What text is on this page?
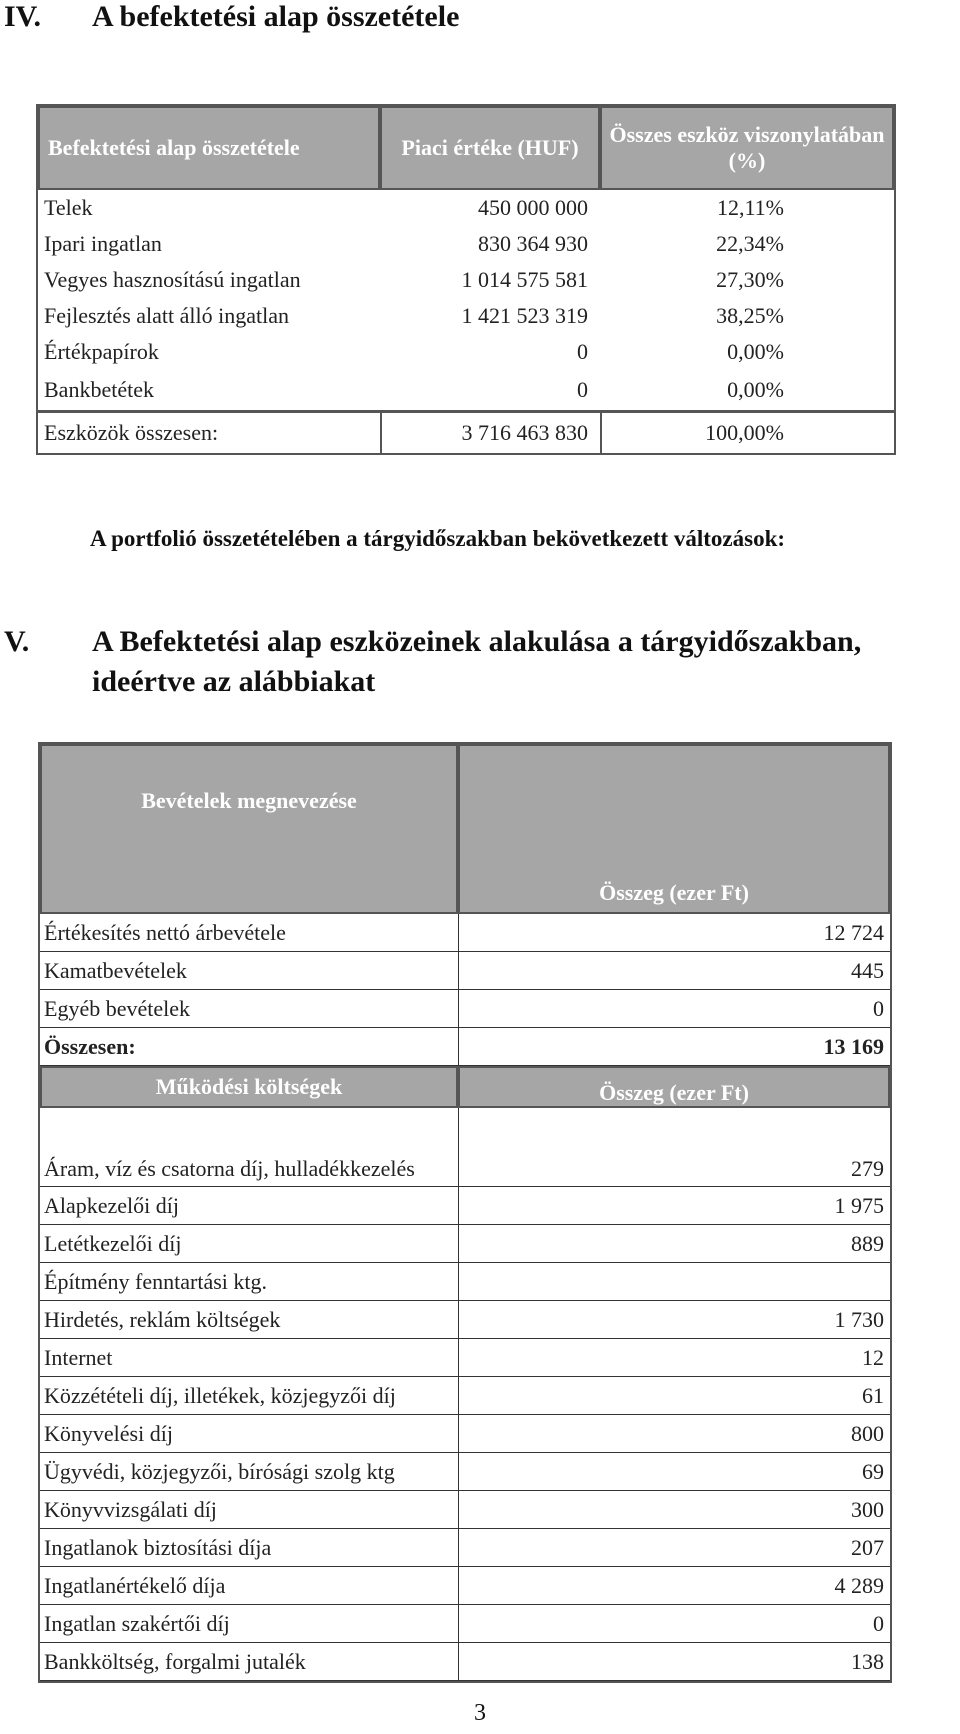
IV. A befektetési alap összetétele
Befektetési alap összetétele	Piaci értéke (HUF)	Összes eszköz viszonylatában (%)
Telek	450 000 000	12,11%
Ipari ingatlan	830 364 930	22,34%
Vegyes hasznosítású ingatlan	1 014 575 581	27,30%
Fejlesztés alatt álló ingatlan	1 421 523 319	38,25%
Értékpapírok	0	0,00%
Bankbetétek	0	0,00%
Eszközök összesen:	3 716 463 830	100,00%

A portfolió összetételében a tárgyidőszakban bekövetkezett változások:

V. A Befektetési alap eszközeinek alakulása a tárgyidőszakban, ideértve az alábbiakat
Bevételek megnevezése	Összeg (ezer Ft)
Értékesítés nettó árbevétele	12 724
Kamatbevételek	445
Egyéb bevételek	0
Összesen:	13 169
Működési költségek	Összeg (ezer Ft)
Áram, víz és csatorna díj, hulladékkezelés	279
Alapkezelői díj	1 975
Letétkezelői díj	889
Építmény fenntartási ktg.	
Hirdetés, reklám költségek	1 730
Internet	12
Közzétételi díj, illetékek, közjegyzői díj	61
Könyvelési díj	800
Ügyvédi, közjegyzői, bírósági szolg ktg	69
Könyvvizsgálati díj	300
Ingatlanok biztosítási díja	207
Ingatlanértékelő díja	4 289
Ingatlan szakértői díj	0
Bankköltség, forgalmi jutalék	138
3
